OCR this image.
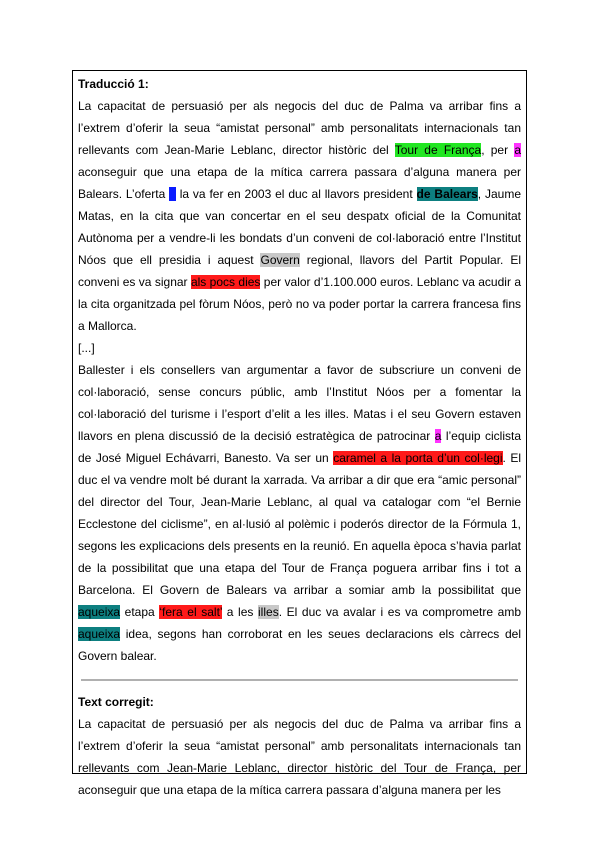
Traducció 1:

La capacitat de persuasió per als negocis del duc de Palma va arribar fins a l’extrem d’oferir la seua “amistat personal” amb personalitats internacionals tan rellevants com Jean-Marie Leblanc, director històric del Tour de França, per a aconseguir que una etapa de la mítica carrera passara d’alguna manera per Balears. L’oferta a la va fer en 2003 el duc al llavors president de Balears, Jaume Matas, en la cita que van concertar en el seu despatx oficial de la Comunitat Autònoma per a vendre-li les bondats d’un conveni de col·laboració entre l’Institut Nóos que ell presidia i aquest Govern regional, llavors del Partit Popular. El conveni es va signar als pocs dies per valor d’1.100.000 euros. Leblanc va acudir a la cita organitzada pel fòrum Nóos, però no va poder portar la carrera francesa fins a Mallorca.

[...]

Ballester i els consellers van argumentar a favor de subscriure un conveni de col·laboració, sense concurs públic, amb l’Institut Nóos per a fomentar la col·laboració del turisme i l’esport d’elit a les illes. Matas i el seu Govern estaven llavors en plena discussió de la decisió estratègica de patrocinar a l’equip ciclista de José Miguel Echávarri, Banesto. Va ser un caramel a la porta d’un col·legi. El duc el va vendre molt bé durant la xarrada. Va arribar a dir que era “amic personal” del director del Tour, Jean-Marie Leblanc, al qual va catalogar com “el Bernie Ecclestone del ciclisme”, en al·lusió al polèmic i poderós director de la Fórmula 1, segons les explicacions dels presents en la reunió. En aquella època s’havia parlat de la possibilitat que una etapa del Tour de França poguera arribar fins i tot a Barcelona. El Govern de Balears va arribar a somiar amb la possibilitat que aqueixa etapa ‘fera el salt’ a les illes. El duc va avalar i es va comprometre amb aqueixa idea, segons han corroborat en les seues declaracions els càrrecs del Govern balear.

Text corregit:

La capacitat de persuasió per als negocis del duc de Palma va arribar fins a l’extrem d’oferir la seua “amistat personal” amb personalitats internacionals tan rellevants com Jean-Marie Leblanc, director històric del Tour de França, per aconseguir que una etapa de la mítica carrera passara d’alguna manera per les
